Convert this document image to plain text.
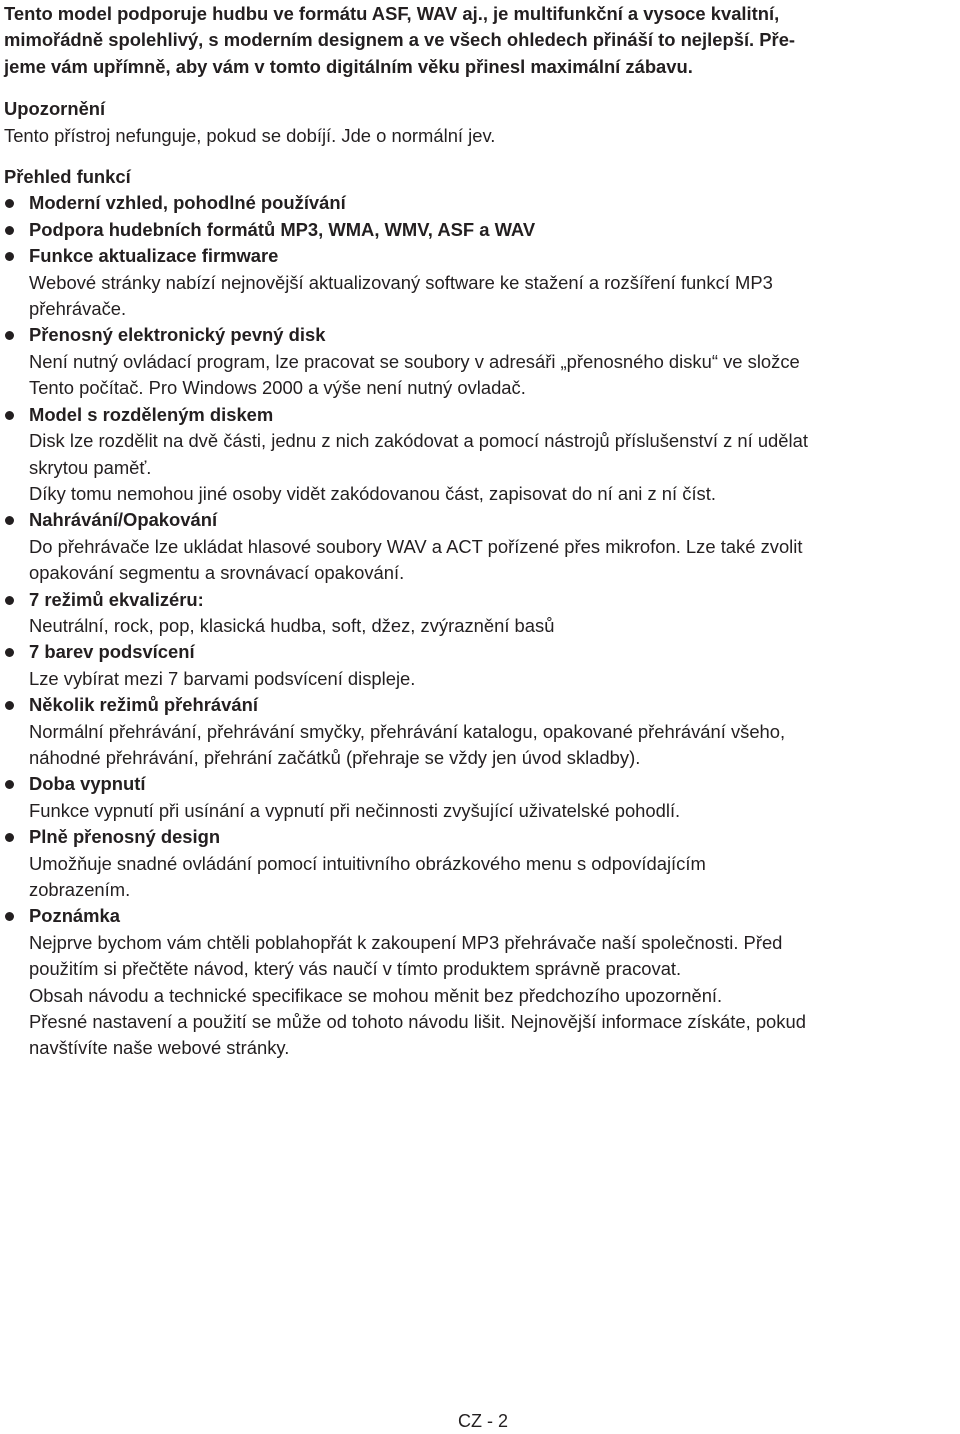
Tento model podporuje hudbu ve formátu ASF, WAV aj., je multifunkční a vysoce kvalitní,
mimořádně spolehlivý, s moderním designem a ve všech ohledech přináší to nejlepší. Pře-
jeme vám upřímně, aby vám v tomto digitálním věku přinesl maximální zábavu.
Upozornění
Tento přístroj nefunguje, pokud se dobíjí. Jde o normální jev.
Přehled funkcí
Moderní vzhled, pohodlné používání
Podpora hudebních formátů MP3, WMA, WMV, ASF a WAV
Funkce aktualizace firmware
Webové stránky nabízí nejnovější aktualizovaný software ke stažení a rozšíření funkcí MP3
přehrávače.
Přenosný elektronický pevný disk
Není nutný ovládací program, lze pracovat se soubory v adresáři „přenosného disku“ ve složce
Tento počítač. Pro Windows 2000 a výše není nutný ovladač.
Model s rozděleným diskem
Disk lze rozdělit na dvě části, jednu z nich zakódovat a pomocí nástrojů příslušenství z ní udělat
skrytou paměť.
Díky tomu nemohou jiné osoby vidět zakódovanou část, zapisovat do ní ani z ní číst.
Nahrávání/Opakování
Do přehrávače lze ukládat hlasové soubory WAV a ACT pořízené přes mikrofon. Lze také zvolit
opakování segmentu a srovnávací opakování.
7 režimů ekvalizéru:
Neutrální, rock, pop, klasická hudba, soft, džez, zvýraznění basů
7 barev podsvícení
Lze vybírat mezi 7 barvami podsvícení displeje.
Několik režimů přehrávání
Normální přehrávání, přehrávání smyčky, přehrávání katalogu, opakované přehrávání všeho,
náhodné přehrávání, přehrání začátků (přehraje se vždy jen úvod skladby).
Doba vypnutí
Funkce vypnutí při usínání a vypnutí při nečinnosti zvyšující uživatelské pohodlí.
Plně přenosný design
Umožňuje snadné ovládání pomocí intuitivního obrázkového menu s odpovídajícím
zobrazením.
Poznámka
Nejprve bychom vám chtěli poblahopřát k zakoupení MP3 přehrávače naší společnosti. Před
použitím si přečtěte návod, který vás naučí v tímto produktem správně pracovat.
Obsah návodu a technické specifikace se mohou měnit bez předchozího upozornění.
Přesné nastavení a použití se může od tohoto návodu lišit. Nejnovější informace získáte, pokud
navštívíte naše webové stránky.
CZ - 2
